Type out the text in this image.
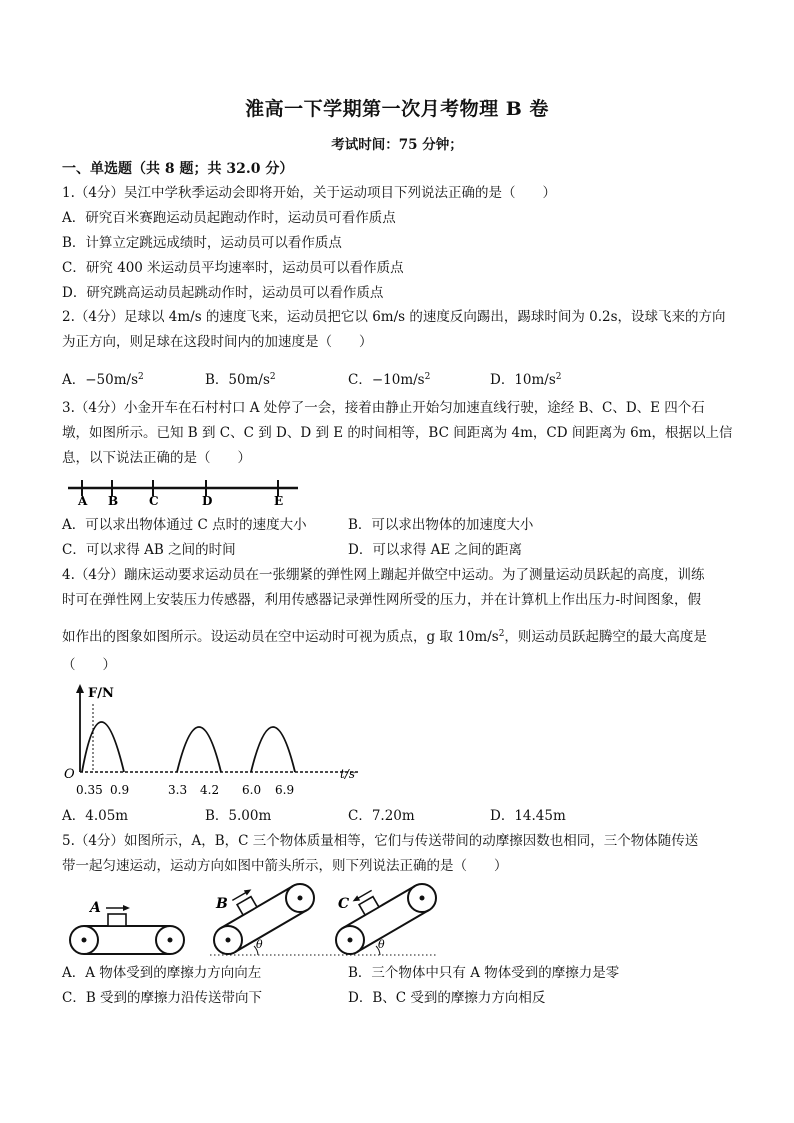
淮高一下学期第一次月考物理 B 卷
考试时间：75 分钟；
一、单选题（共 8 题；共 32.0 分）
1.（4分）吴江中学秋季运动会即将开始，关于运动项目下列说法正确的是（　　）
A．研究百米赛跑运动员起跑动作时，运动员可看作质点
B．计算立定跳远成绩时，运动员可以看作质点
C．研究 400 米运动员平均速率时，运动员可以看作质点
D．研究跳高运动员起跳动作时，运动员可以看作质点
2.（4分）足球以 4m/s 的速度飞来，运动员把它以 6m/s 的速度反向踢出，踢球时间为 0.2s，设球飞来的方向
为正方向，则足球在这段时间内的加速度是（　　）
A．$-50m/s^2$	B．$50m/s^2$	C．$-10m/s^2$	D．$10m/s^2$
3.（4分）小金开车在石村村口 A 处停了一会，接着由静止开始匀加速直线行驶，途经 B、C、D、E 四个石
墩，如图所示。已知 B 到 C、C 到 D、D 到 E 的时间相等，BC 间距离为 4m，CD 间距离为 6m，根据以上信
息，以下说法正确的是（　　）
A B	C	D	E
A．可以求出物体通过 C 点时的速度大小	B．可以求出物体的加速度大小
C．可以求得 AB 之间的时间	D．可以求得 AE 之间的距离
4.（4分）蹦床运动要求运动员在一张绷紧的弹性网上蹦起并做空中运动。为了测量运动员跃起的高度，训练
时可在弹性网上安装压力传感器，利用传感器记录弹性网所受的压力，并在计算机上作出压力-时间图象，假
如作出的图象如图所示。设运动员在空中运动时可视为质点，g 取 $10m/s^2$，则运动员跃起腾空的最大高度是
（　　）
F/N
O	t/s
0.35 0.9	3.3 4.2 6.0 6.9
A．4.05m	B．5.00m	C．7.20m	D．14.45m
5.（4分）如图所示，A，B，C 三个物体质量相等，它们与传送带间的动摩擦因数也相同，三个物体随传送
带一起匀速运动，运动方向如图中箭头所示，则下列说法正确的是（　　）
A	B
θ
C
θ
A．A 物体受到的摩擦力方向向左	B．三个物体中只有 A 物体受到的摩擦力是零
C．B 受到的摩擦力沿传送带向下	D．B、C 受到的摩擦力方向相反
